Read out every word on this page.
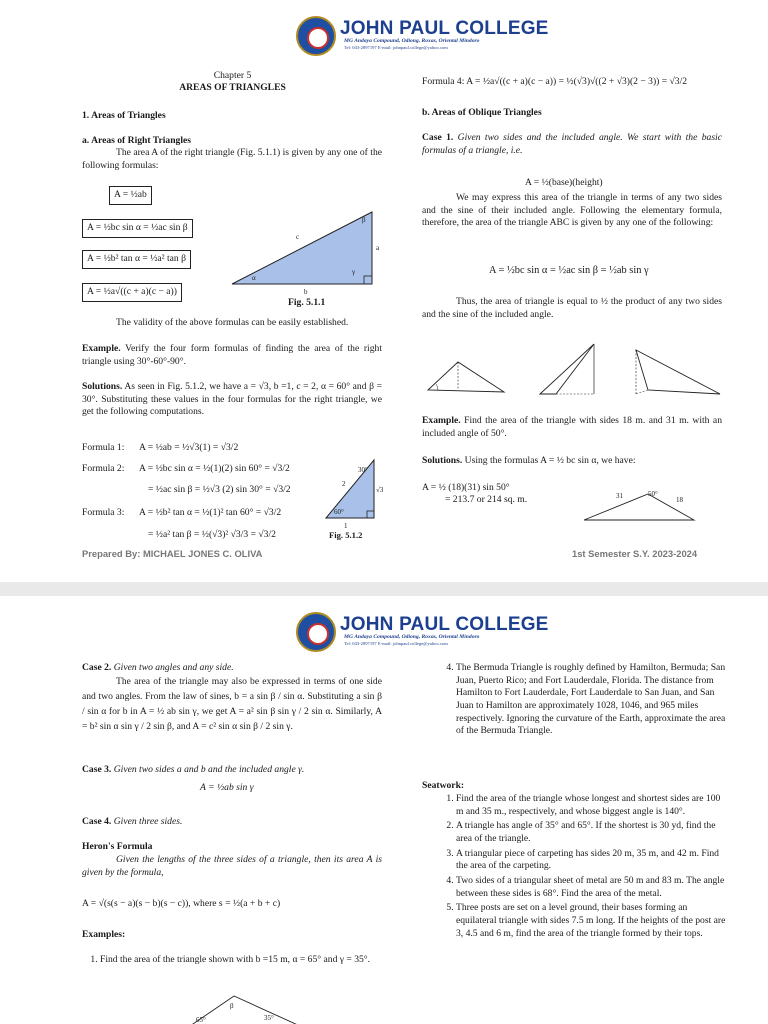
JOHN PAUL COLLEGE
MG Andaya Compound, Odiong, Roxas, Oriental Mindoro
Tel: 043-2897197 E-mail: johnpaul.college@yahoo.com
Chapter 5
AREAS OF TRIANGLES
1. Areas of Triangles
a. Areas of Right Triangles
The area A of the right triangle (Fig. 5.1.1) is given by any one of the following formulas:
A = ½ab
A = ½bc sin α = ½ac sin β
A = ½b² tan α = ½a² tan β
A = ½a√((c + a)(c − a))
c
a
b
α
β
γ
Fig. 5.1.1
The validity of the above formulas can be easily established.
Example. Verify the four form formulas of finding the area of the right triangle using 30°-60°-90°.
Solutions. As seen in Fig. 5.1.2, we have a = √3, b =1, c = 2, α = 60° and β = 30°. Substituting these values in the four formulas for the right triangle, we get the following computations.
Formula 1: A = ½ab = ½√3(1) = √3/2
Formula 2: A = ½bc sin α = ½(1)(2) sin 60° = √3/2
= ½ac sin β = ½√3 (2) sin 30° = √3/2
Formula 3: A = ½b² tan α = ½(1)² tan 60° = √3/2
= ½a² tan β = ½(√3)² √3/3 = √3/2
2
√3
1
30°
60°
Fig. 5.1.2
Formula 4: A = ½a√((c + a)(c − a)) = ½(√3)√((2 + √3)(2 − 3)) = √3/2
b. Areas of Oblique Triangles
Case 1. Given two sides and the included angle. We start with the basic formulas of a triangle, i.e.
A = ½(base)(height)
We may express this area of the triangle in terms of any two sides and the sine of their included angle. Following the elementary formula, therefore, the area of the triangle ABC is given by any one of the following:
A = ½bc sin α = ½ac sin β = ½ab sin γ
Thus, the area of triangle is equal to ½ the product of any two sides and the sine of the included angle.
Example. Find the area of the triangle with sides 18 m. and 31 m. with an included angle of 50°.
Solutions. Using the formulas A = ½ bc sin α, we have:
A = ½ (18)(31) sin 50°
= 213.7 or 214 sq. m.	31	50°
18
Prepared By: MICHAEL JONES C. OLIVA	1st Semester S.Y. 2023-2024
JOHN PAUL COLLEGE
MG Andaya Compound, Odiong, Roxas, Oriental Mindoro
Tel: 043-2897197 E-mail: johnpaul.college@yahoo.com
Case 2. Given two angles and any side.
The area of the triangle may also be expressed in terms of one side and two angles. From the law of sines, b = a sin β / sin α. Substituting a sin β / sin α for b in A = ½ ab sin γ, we get A = a² sin β sin γ / 2 sin α. Similarly, A = b² sin α sin γ / 2 sin β, and A = c² sin α sin β / 2 sin γ.
Case 3. Given two sides a and b and the included angle γ.
A = ½ab sin γ
Case 4. Given three sides.
Heron's Formula
Given the lengths of the three sides of a triangle, then its area A is given by the formula,
A = √(s(s − a)(s − b)(s − c)), where s = ½(a + b + c)
Examples:
1. Find the area of the triangle shown with b =15 m, α = 65° and γ = 35°.
β
65°	35°
4. The Bermuda Triangle is roughly defined by Hamilton, Bermuda; San Juan, Puerto Rico; and Fort Lauderdale, Florida. The distance from Hamilton to Fort Lauderdale, Fort Lauderdale to San Juan, and San Juan to Hamilton are approximately 1028, 1046, and 965 miles respectively. Ignoring the curvature of the Earth, approximate the area of the Bermuda Triangle.
Seatwork:
1. Find the area of the triangle whose longest and shortest sides are 100 m and 35 m., respectively, and whose biggest angle is 140°.
2. A triangle has angle of 35° and 65°. If the shortest is 30 yd, find the area of the triangle.
3. A triangular piece of carpeting has sides 20 m, 35 m, and 42 m. Find the area of the carpeting.
4. Two sides of a triangular sheet of metal are 50 m and 83 m. The angle between these sides is 68°. Find the area of the metal.
5. Three posts are set on a level ground, their bases forming an equilateral triangle with sides 7.5 m long. If the heights of the post are 3, 4.5 and 6 m, find the area of the triangle formed by their tops.
